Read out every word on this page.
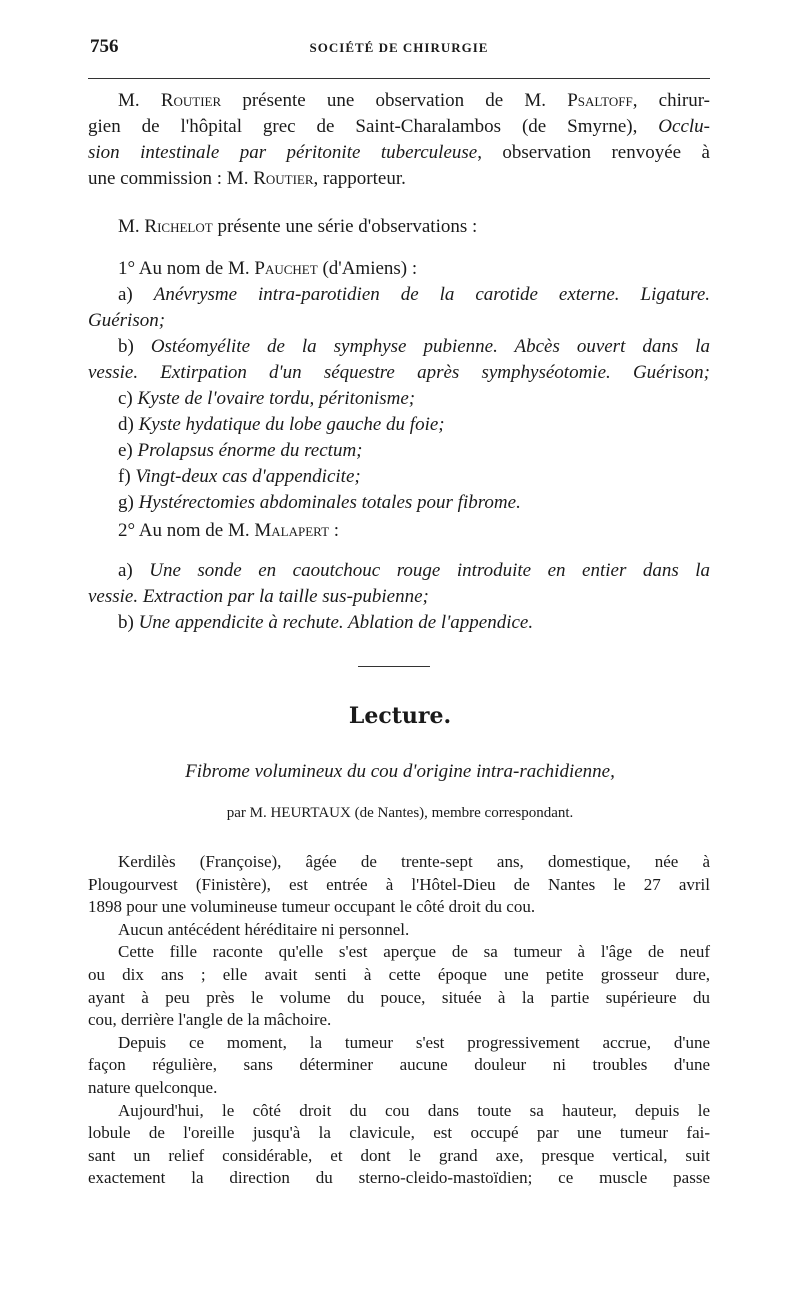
756	SOCIÉTÉ DE CHIRURGIE
M. Routier présente une observation de M. Psaltoff, chirur-
gien de l'hôpital grec de Saint-Charalambos (de Smyrne), Occlu-
sion intestinale par péritonite tuberculeuse, observation renvoyée à
une commission : M. Routier, rapporteur.
M. Richelot présente une série d'observations :
1° Au nom de M. Pauchet (d'Amiens) :
a) Anévrysme intra-parotidien de la carotide externe. Ligature.
Guérison;
b) Ostéomyélite de la symphyse pubienne. Abcès ouvert dans la
vessie. Extirpation d'un séquestre après symphyséotomie. Guérison;
c) Kyste de l'ovaire tordu, péritonisme;
d) Kyste hydatique du lobe gauche du foie;
e) Prolapsus énorme du rectum;
f) Vingt-deux cas d'appendicite;
g) Hystérectomies abdominales totales pour fibrome.
2° Au nom de M. Malapert :
a) Une sonde en caoutchouc rouge introduite en entier dans la
vessie. Extraction par la taille sus-pubienne;
b) Une appendicite à rechute. Ablation de l'appendice.
Lecture.
Fibrome volumineux du cou d'origine intra-rachidienne,
par M. HEURTAUX (de Nantes), membre correspondant.
Kerdilès (Françoise), âgée de trente-sept ans, domestique, née à
Plougourvest (Finistère), est entrée à l'Hôtel-Dieu de Nantes le 27 avril
1898 pour une volumineuse tumeur occupant le côté droit du cou.
Aucun antécédent héréditaire ni personnel.
Cette fille raconte qu'elle s'est aperçue de sa tumeur à l'âge de neuf
ou dix ans ; elle avait senti à cette époque une petite grosseur dure,
ayant à peu près le volume du pouce, située à la partie supérieure du
cou, derrière l'angle de la mâchoire.
Depuis ce moment, la tumeur s'est progressivement accrue, d'une
façon régulière, sans déterminer aucune douleur ni troubles d'une
nature quelconque.
Aujourd'hui, le côté droit du cou dans toute sa hauteur, depuis le
lobule de l'oreille jusqu'à la clavicule, est occupé par une tumeur fai-
sant un relief considérable, et dont le grand axe, presque vertical, suit
exactement la direction du sterno-cleido-mastoïdien; ce muscle passe
